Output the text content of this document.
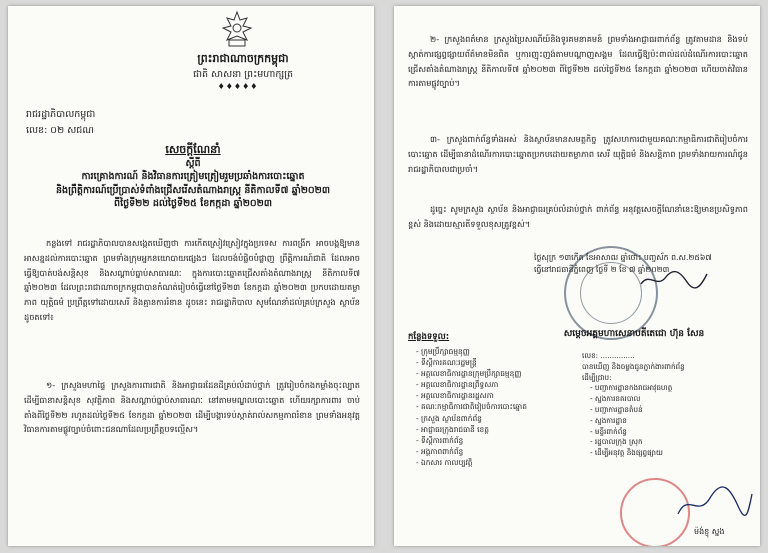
ព្រះរាជាណាចក្រកម្ពុជា
ជាតិ សាសនា ព្រះមហាក្សត្រ
♦♦♦♦♦
រាជរដ្ឋាភិបាលកម្ពុជា
លេខ: ០២ សជណ
សេចក្តីណែនាំ
ស្តីពី
ការគ្រោងការណ៍ និងវិធានការត្រៀមត្រៀមរួមប្រឆាំងការបោះឆ្នោត
និងព្រឹត្តិការណ៍ប្រើប្រាស់ទំពាំងជ្រើសរើសតំណាងរាស្ត្រ នីតិកាលទី៧ ឆ្នាំ២០២៣
ពីថ្ងៃទី២២ ដល់ថ្ងៃទី២៥ ខែកក្កដា ឆ្នាំ២០២៣
កន្លងទៅ រាជរដ្ឋាភិបាលបានសង្កេតឃើញថា ការកើតស្រៀវស្រៀវក្នុងប្រទេស ការពង្រីក អាចបង្កឱ្យមានអាសន្នដល់ការបោះឆ្នោត ព្រមទាំងក្រុមអ្នកនយោបាយផ្សេងៗ ដែលចង់បំផ្លិចបំផ្លាញ ព្រឹត្តិការណ៍ជាតិ ដែលអាចធ្វើឱ្យបាត់បង់សន្តិសុខ និងសណ្តាប់ធ្នាប់សាធារណៈ ក្នុងការបោះឆ្នោតជ្រើសតាំងតំណាងរាស្ត្រ នីតិកាលទី៧ ឆ្នាំ២០២៣ ដែលព្រះរាជាណាចក្រកម្ពុជាបានកំណត់រៀបចំធ្វើនៅថ្ងៃទី២៣ ខែកក្កដា ឆ្នាំ២០២៣ ប្រកបដោយតម្លាភាព យុត្តិធម៌ ប្រព្រឹត្តទៅដោយសេរី និងគ្មានការរំខាន ដូចនេះ រាជរដ្ឋាភិបាល សូមណែនាំដល់គ្រប់ក្រសួង ស្ថាប័ន ដូចតទៅ៖
១- ក្រសួងមហាផ្ទៃ ក្រសួងការពារជាតិ និងអាជ្ញាធរដែនដីគ្រប់លំដាប់ថ្នាក់ ត្រូវរៀបចំកងកម្លាំងចុះល្បាត ដើម្បីធានាសន្តិសុខ សុវត្ថិភាព និងសណ្តាប់ធ្នាប់សាធារណៈ នៅតាមមណ្ឌលបោះឆ្នោត ហើយរក្សាការពារ ចាប់តាំងពីថ្ងៃទី២២ រហូតដល់ថ្ងៃទី២៥ ខែកក្កដា ឆ្នាំ២០២៣ ដើម្បីបង្ការទប់ស្កាត់រាល់សកម្មភាពរំខាន ព្រមទាំងអនុវត្តវិធានការតាមផ្លូវច្បាប់ចំពោះជនណាដែលប្រព្រឹត្តបទល្មើស។
២- ក្រសួងពត៌មាន ក្រសួងប្រៃសណីយ៍និងទូរគមនាគមន៍ ព្រមទាំងអាជ្ញាធរពាក់ព័ន្ធ ត្រូវតាមដាន និងទប់ស្កាត់ការផ្សព្វផ្សាយព័ត៌មានមិនពិត ឬការញុះញង់តាមបណ្តាញសង្គម ដែលធ្វើឱ្យប៉ះពាល់ដល់ដំណើរការបោះឆ្នោតជ្រើសតាំងតំណាងរាស្ត្រ នីតិកាលទី៧ ឆ្នាំ២០២៣ ពីថ្ងៃទី២២ ដល់ថ្ងៃទី២៥ ខែកក្កដា ឆ្នាំ២០២៣ ហើយចាត់វិធានការតាមផ្លូវច្បាប់។
៣- ក្រសួងពាក់ព័ន្ធទាំងអស់ និងស្ថាប័នមានសមត្ថកិច្ច ត្រូវសហការជាមួយគណៈកម្មាធិការជាតិរៀបចំការបោះឆ្នោត ដើម្បីធានាដំណើរការបោះឆ្នោតប្រកបដោយតម្លាភាព សេរី យុត្តិធម៌ និងសន្តិភាព ព្រមទាំងរាយការណ៍ជូនរាជរដ្ឋាភិបាលជាប្រចាំ។
ដូច្នេះ សូមក្រសួង ស្ថាប័ន និងអាជ្ញាធរគ្រប់លំដាប់ថ្នាក់ ពាក់ព័ន្ធ អនុវត្តសេចក្តីណែនាំនេះឱ្យមានប្រសិទ្ធភាពខ្ពស់ និងដោយស្មារតីទទួលខុសត្រូវខ្ពស់។
ថ្ងៃសុក្រ ១៣កើត ខែអាសាឍ ឆ្នាំថោះ បញ្ចស័ក ព.ស.២៥៦៧
ធ្វើនៅរាជធានីភ្នំពេញ ថ្ងៃទី ២ ខែ ៧ ឆ្នាំ២០២៣
សម្តេចអគ្គមហាសេនាបតីតេជោ ហ៊ុន សែន
កន្លែងទទួល:
- ក្រុមប្រឹក្សាធម្មនុញ្ញ
- ទីស្តីការគណៈរដ្ឋមន្ត្រី
- អគ្គលេខាធិការដ្ឋានក្រុមប្រឹក្សាធម្មនុញ្ញ
- អគ្គលេខាធិការដ្ឋានព្រឹទ្ធសភា
- អគ្គលេខាធិការដ្ឋានរដ្ឋសភា
- គណៈកម្មាធិការជាតិរៀបចំការបោះឆ្នោត
- ក្រសួង ស្ថាប័នពាក់ព័ន្ធ
- អាជ្ញាធរក្រុងរាជធានី ខេត្ត
- ទីស្តីការពាក់ព័ន្ធ
- អង្គភាពពាក់ព័ន្ធ
- ឯកសារ កាលប្បវត្តិ
លេខ: ...............
បានឃើញ និងចម្លងជូនភ្នាក់ងារពាក់ព័ន្ធ
ដើម្បីជ្រាប:
- បញ្ជាការដ្ឋានកងរាជអាវុធហត្ថ
- ស្នងការនគរបាល
- បញ្ជាការដ្ឋានតំបន់
- ស្នងការដ្ឋាន
- មន្ទីរពាក់ព័ន្ធ
- រដ្ឋបាលក្រុង ស្រុក
- ដើម្បីអនុវត្ត និងផ្សព្វផ្សាយ
ម៉ង់ខ្ញុ ស្នង
